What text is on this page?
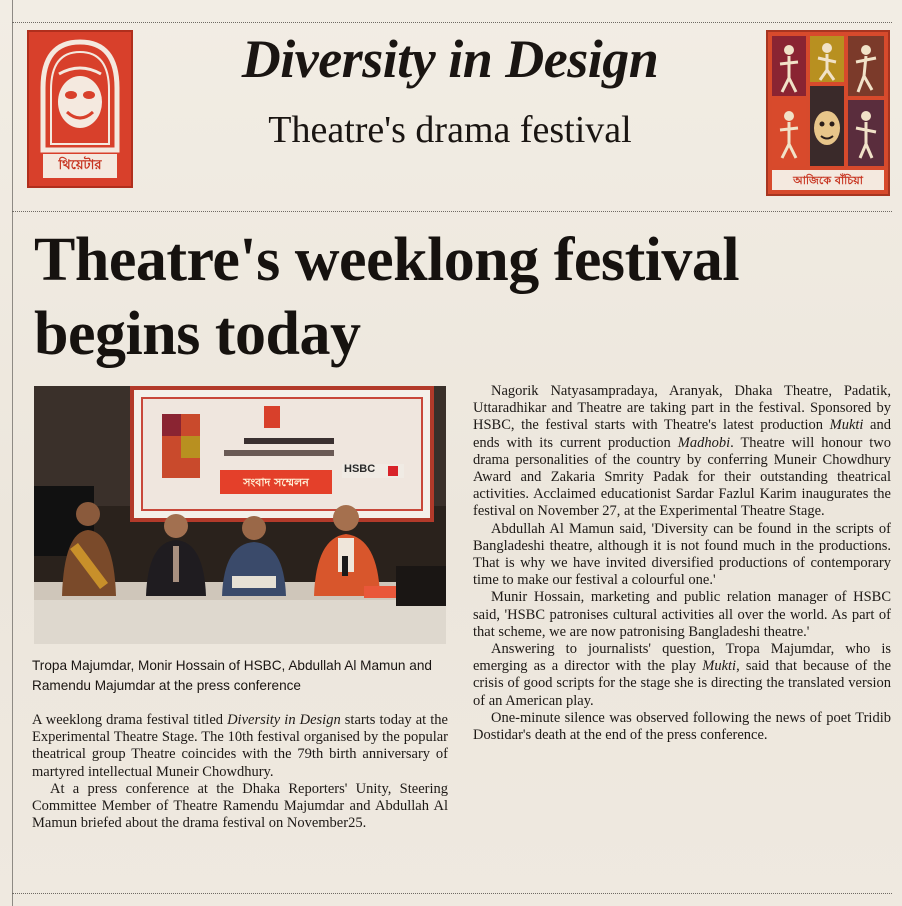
থিয়েটার
Diversity in Design
Theatre's drama festival
আজিকে বাঁচিয়া
Theatre's weeklong festival
begins today
সংবাদ সম্মেলন
HSBC
Tropa Majumdar, Monir Hossain of HSBC, Abdullah Al Mamun and Ramendu Majumdar at the press conference

A weeklong drama festival titled Diversity in Design starts today at the Experimental Theatre Stage. The 10th festival organised by the popular theatrical group Theatre coincides with the 79th birth anniversary of martyred intellectual Muneir Chowdhury.

At a press conference at the Dhaka Reporters' Unity, Steering Committee Member of Theatre Ramendu Majumdar and Abdullah Al Mamun briefed about the drama festival on November25.

Nagorik Natyasampradaya, Aranyak, Dhaka Theatre, Padatik, Uttaradhikar and Theatre are taking part in the festival. Sponsored by HSBC, the festival starts with Theatre's latest production Mukti and ends with its current production Madhobi. Theatre will honour two drama personalities of the country by conferring Muneir Chowdhury Award and Zakaria Smrity Padak for their outstanding theatrical activities. Acclaimed educationist Sardar Fazlul Karim inaugurates the festival on November 27, at the Experimental Theatre Stage.

Abdullah Al Mamun said, 'Diversity can be found in the scripts of Bangladeshi theatre, although it is not found much in the productions. That is why we have invited diversified productions of contemporary time to make our festival a colourful one.'

Munir Hossain, marketing and public relation manager of HSBC said, 'HSBC patronises cultural activities all over the world. As part of that scheme, we are now patronising Bangladeshi theatre.'

Answering to journalists' question, Tropa Majumdar, who is emerging as a director with the play Mukti, said that because of the crisis of good scripts for the stage she is directing the translated version of an American play.

One-minute silence was observed following the news of poet Tridib Dostidar's death at the end of the press conference.
